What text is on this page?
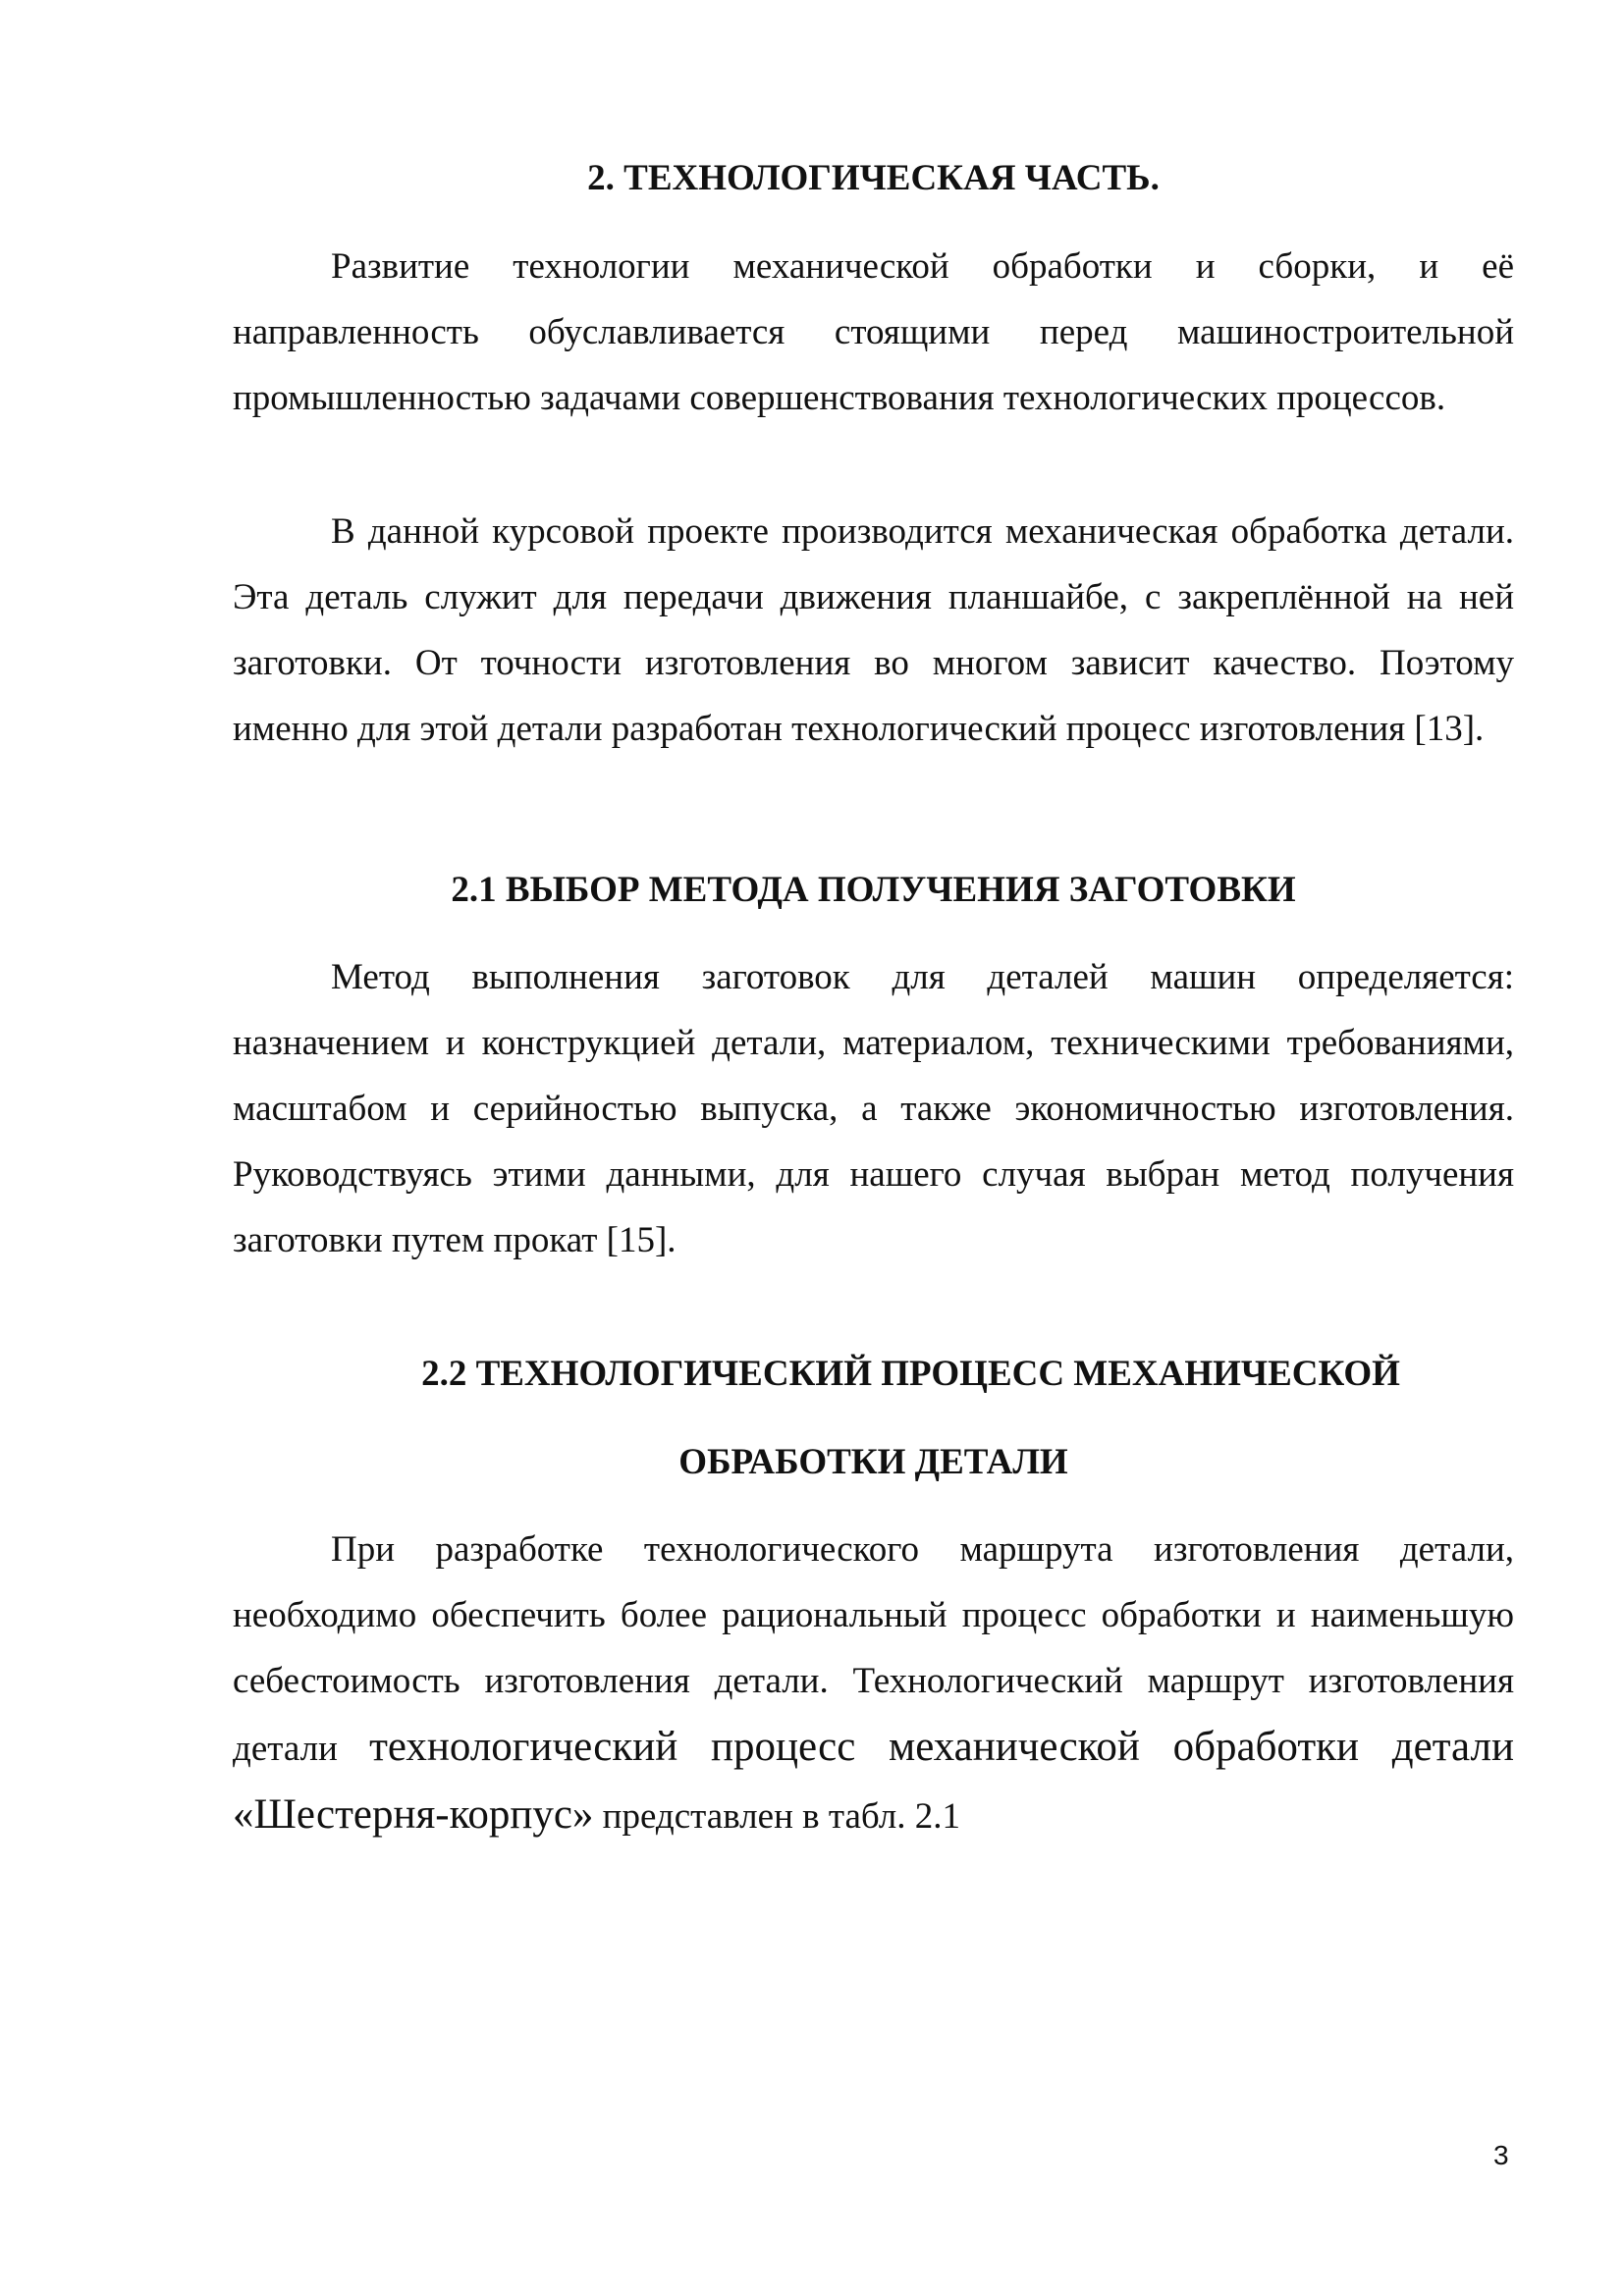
2. ТЕХНОЛОГИЧЕСКАЯ ЧАСТЬ.

Развитие технологии механической обработки и сборки, и её направленность обуславливается стоящими перед машиностроительной промышленностью задачами совершенствования технологических процессов.

В данной курсовой проекте производится механическая обработка детали. Эта деталь служит для передачи движения планшайбе, с закреплённой на ней заготовки. От точности изготовления во многом зависит качество. Поэтому именно для этой детали разработан технологический процесс изготовления [13].

2.1 ВЫБОР МЕТОДА ПОЛУЧЕНИЯ ЗАГОТОВКИ

Метод выполнения заготовок для деталей машин определяется: назначением и конструкцией детали, материалом, техническими требованиями, масштабом и серийностью выпуска, а также экономичностью изготовления. Руководствуясь этими данными, для нашего случая выбран метод получения заготовки путем прокат [15].

2.2 ТЕХНОЛОГИЧЕСКИЙ ПРОЦЕСС МЕХАНИЧЕСКОЙ
ОБРАБОТКИ ДЕТАЛИ

При разработке технологического маршрута изготовления детали, необходимо обеспечить более рациональный процесс обработки и наименьшую себестоимость изготовления детали. Технологический маршрут изготовления детали технологический процесс механической обработки детали «Шестерня-корпус» представлен в табл. 2.1

3
